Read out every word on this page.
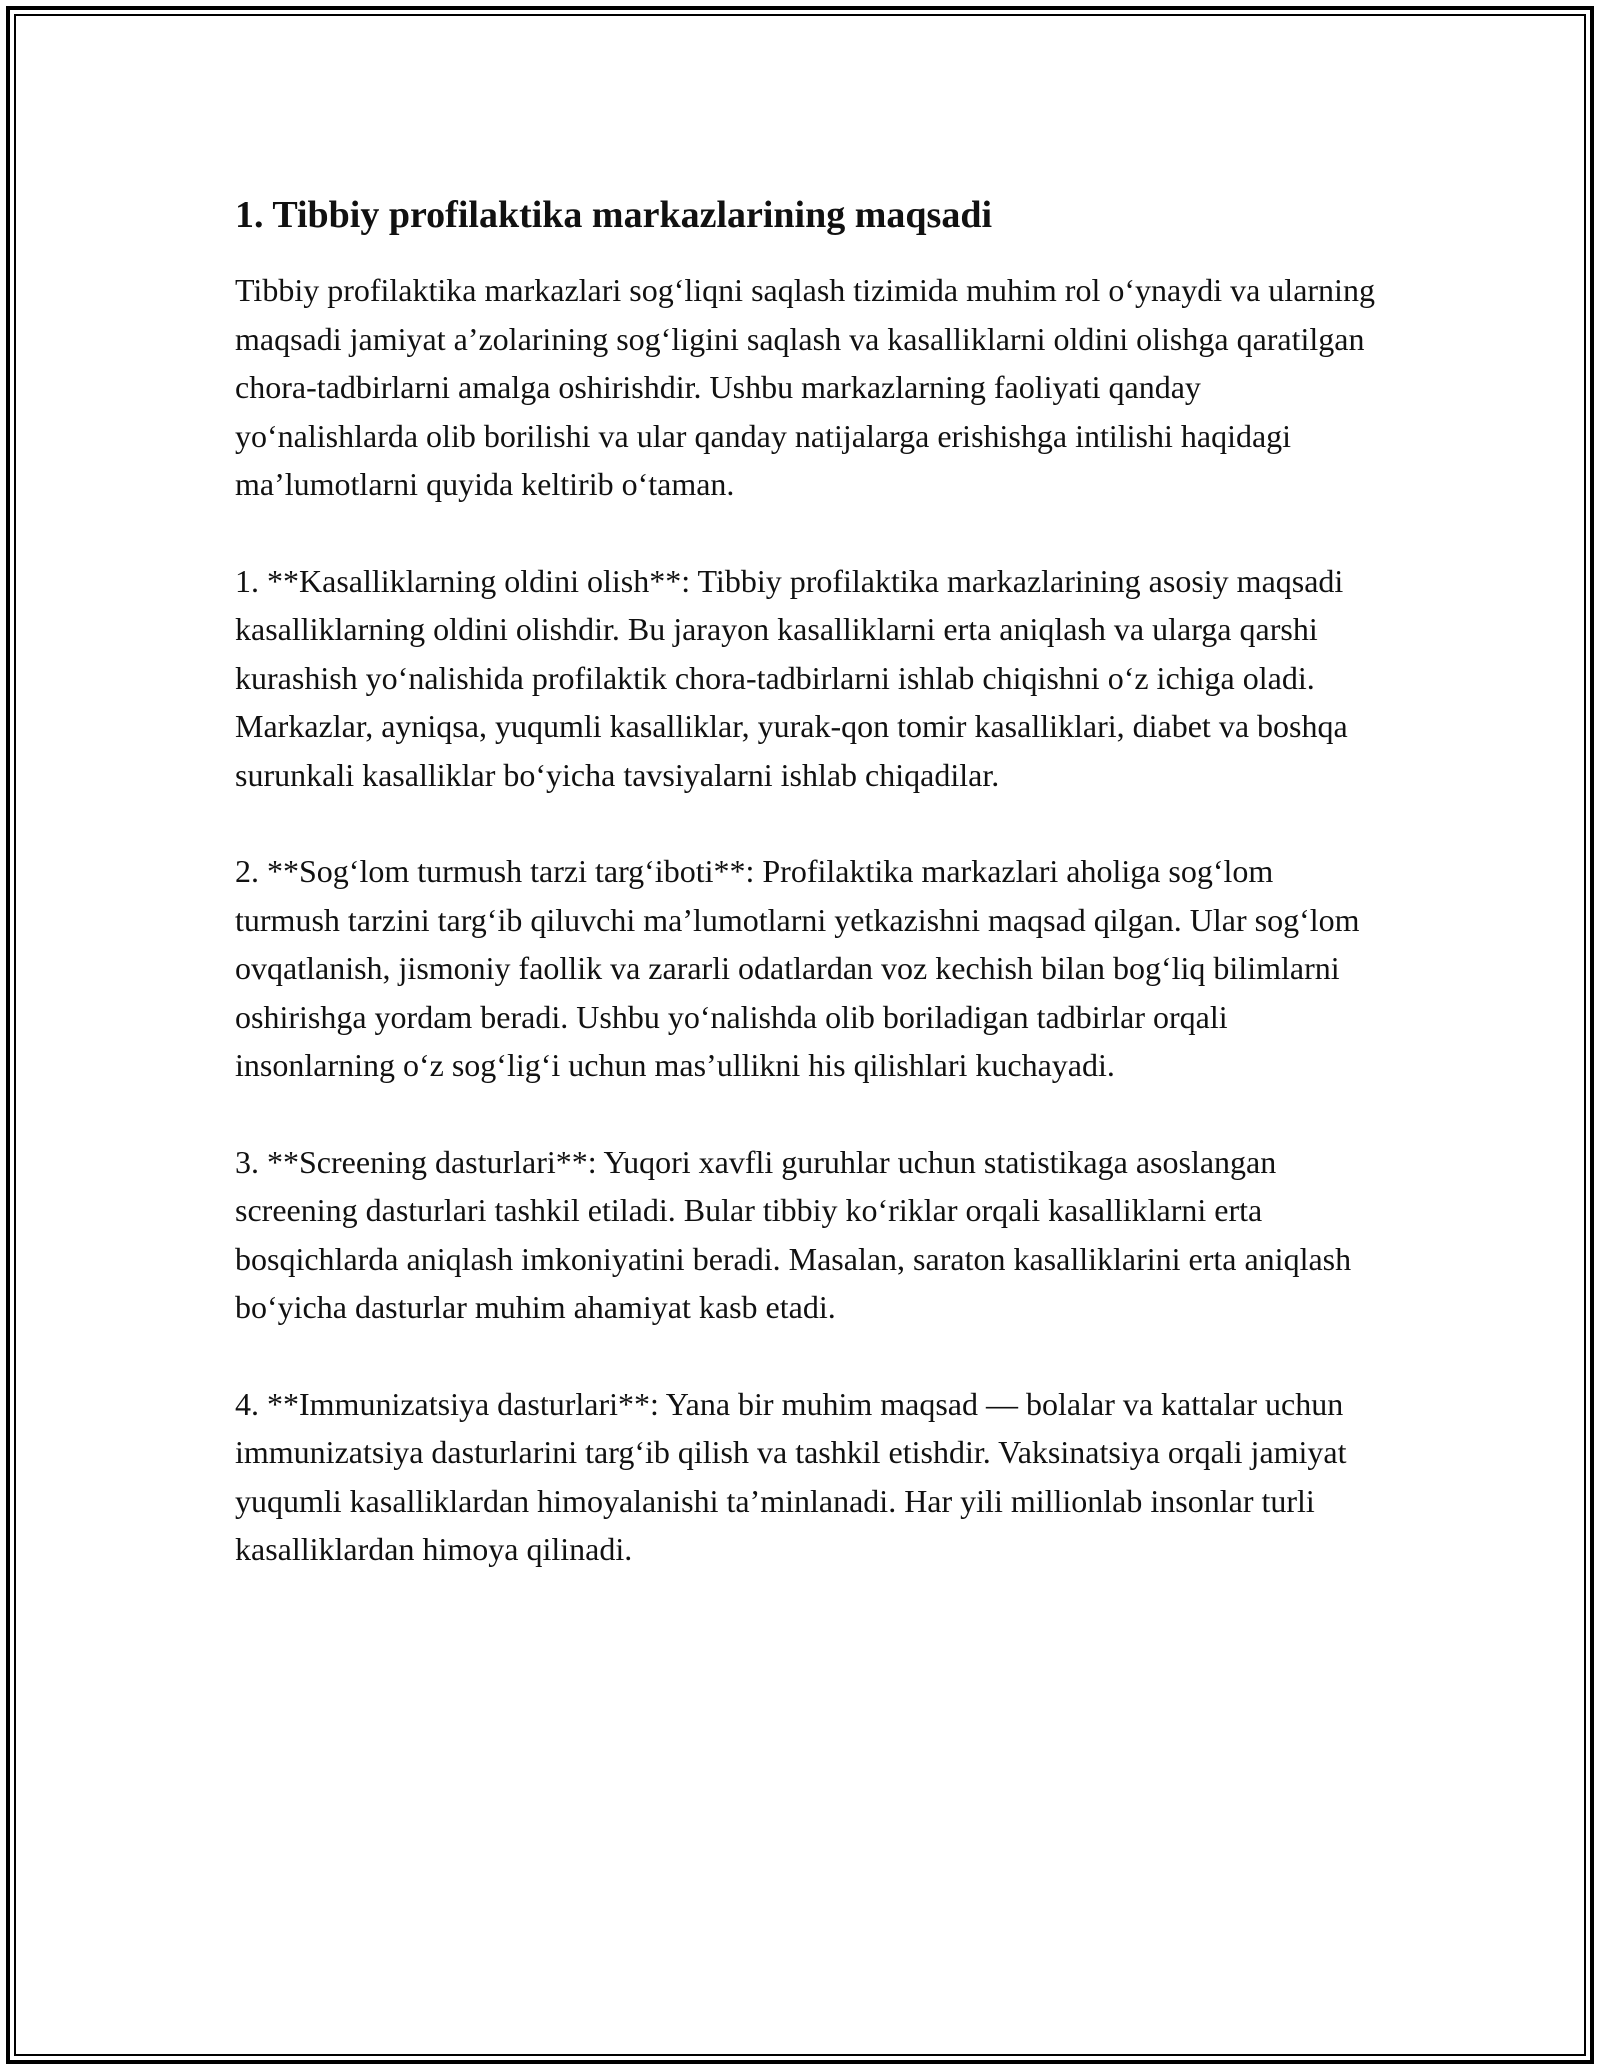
1. Tibbiy profilaktika markazlarining maqsadi

Tibbiy profilaktika markazlari sog‘liqni saqlash tizimida muhim rol o‘ynaydi va ularning maqsadi jamiyat a’zolarining sog‘ligini saqlash va kasalliklarni oldini olishga qaratilgan chora-tadbirlarni amalga oshirishdir. Ushbu markazlarning faoliyati qanday yo‘nalishlarda olib borilishi va ular qanday natijalarga erishishga intilishi haqidagi ma’lumotlarni quyida keltirib o‘taman.

1. **Kasalliklarning oldini olish**: Tibbiy profilaktika markazlarining asosiy maqsadi kasalliklarning oldini olishdir. Bu jarayon kasalliklarni erta aniqlash va ularga qarshi kurashish yo‘nalishida profilaktik chora-tadbirlarni ishlab chiqishni o‘z ichiga oladi. Markazlar, ayniqsa, yuqumli kasalliklar, yurak-qon tomir kasalliklari, diabet va boshqa surunkali kasalliklar bo‘yicha tavsiyalarni ishlab chiqadilar.

2. **Sog‘lom turmush tarzi targ‘iboti**: Profilaktika markazlari aholiga sog‘lom turmush tarzini targ‘ib qiluvchi ma’lumotlarni yetkazishni maqsad qilgan. Ular sog‘lom ovqatlanish, jismoniy faollik va zararli odatlardan voz kechish bilan bog‘liq bilimlarni oshirishga yordam beradi. Ushbu yo‘nalishda olib boriladigan tadbirlar orqali insonlarning o‘z sog‘lig‘i uchun mas’ullikni his qilishlari kuchayadi.

3. **Screening dasturlari**: Yuqori xavfli guruhlar uchun statistikaga asoslangan screening dasturlari tashkil etiladi. Bular tibbiy ko‘riklar orqali kasalliklarni erta bosqichlarda aniqlash imkoniyatini beradi. Masalan, saraton kasalliklarini erta aniqlash bo‘yicha dasturlar muhim ahamiyat kasb etadi.

4. **Immunizatsiya dasturlari**: Yana bir muhim maqsad — bolalar va kattalar uchun immunizatsiya dasturlarini targ‘ib qilish va tashkil etishdir. Vaksinatsiya orqali jamiyat yuqumli kasalliklardan himoyalanishi ta’minlanadi. Har yili millionlab insonlar turli kasalliklardan himoya qilinadi.
